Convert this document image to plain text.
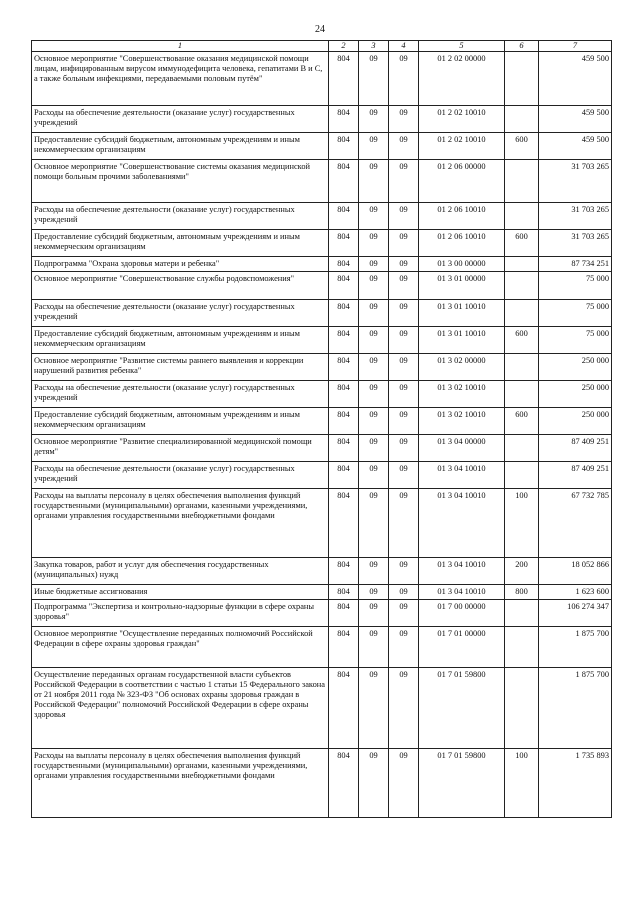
24
1	2	3	4	5	6	7
Основное мероприятие "Совершенствование оказания медицинской помощи лицам, инфицированным вирусом иммунодефицита человека, гепатитами В и С, а также больным инфекциями, передаваемыми половым путём"	804	09	09	01 2 02 00000		459 500
Расходы на обеспечение деятельности (оказание услуг) государственных учреждений	804	09	09	01 2 02 10010		459 500
Предоставление субсидий бюджетным, автономным учреждениям и иным некоммерческим организациям	804	09	09	01 2 02 10010	600	459 500
Основное мероприятие "Совершенствование системы оказания медицинской помощи больным прочими заболеваниями"	804	09	09	01 2 06 00000		31 703 265
Расходы на обеспечение деятельности (оказание услуг) государственных учреждений	804	09	09	01 2 06 10010		31 703 265
Предоставление субсидий бюджетным, автономным учреждениям и иным некоммерческим организациям	804	09	09	01 2 06 10010	600	31 703 265
Подпрограмма "Охрана здоровья матери и ребенка"	804	09	09	01 3 00 00000		87 734 251
Основное мероприятие "Совершенствование службы родовспоможения"	804	09	09	01 3 01 00000		75 000
Расходы на обеспечение деятельности (оказание услуг) государственных учреждений	804	09	09	01 3 01 10010		75 000
Предоставление субсидий бюджетным, автономным учреждениям и иным некоммерческим организациям	804	09	09	01 3 01 10010	600	75 000
Основное мероприятие "Развитие системы раннего выявления и коррекции нарушений развития ребенка"	804	09	09	01 3 02 00000		250 000
Расходы на обеспечение деятельности (оказание услуг) государственных учреждений	804	09	09	01 3 02 10010		250 000
Предоставление субсидий бюджетным, автономным учреждениям и иным некоммерческим организациям	804	09	09	01 3 02 10010	600	250 000
Основное мероприятие "Развитие специализированной медицинской помощи детям"	804	09	09	01 3 04 00000		87 409 251
Расходы на обеспечение деятельности (оказание услуг) государственных учреждений	804	09	09	01 3 04 10010		87 409 251
Расходы на выплаты персоналу в целях обеспечения выполнения функций государственными (муниципальными) органами, казенными учреждениями, органами управления государственными внебюджетными фондами	804	09	09	01 3 04 10010	100	67 732 785
Закупка товаров, работ и услуг для обеспечения государственных (муниципальных) нужд	804	09	09	01 3 04 10010	200	18 052 866
Иные бюджетные ассигнования	804	09	09	01 3 04 10010	800	1 623 600
Подпрограмма "Экспертиза и контрольно-надзорные функции в сфере охраны здоровья"	804	09	09	01 7 00 00000		106 274 347
Основное мероприятие "Осуществление переданных полномочий Российской Федерации в сфере охраны здоровья граждан"	804	09	09	01 7 01 00000		1 875 700
Осуществление переданных органам государственной власти субъектов Российской Федерации в соответствии с частью 1 статьи 15 Федерального закона от 21 ноября 2011 года № 323-ФЗ "Об основах охраны здоровья граждан в Российской Федерации" полномочий Российской Федерации в сфере охраны здоровья	804	09	09	01 7 01 59800		1 875 700
Расходы на выплаты персоналу в целях обеспечения выполнения функций государственными (муниципальными) органами, казенными учреждениями, органами управления государственными внебюджетными фондами	804	09	09	01 7 01 59800	100	1 735 893
